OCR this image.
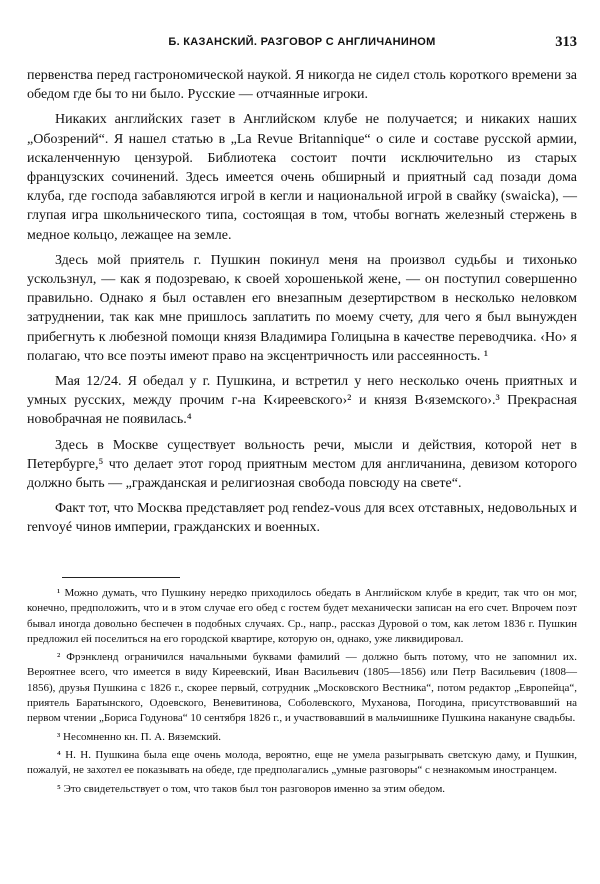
Б. КАЗАНСКИЙ. РАЗГОВОР С АНГЛИЧАНИНОМ	313

первенства перед гастрономической наукой. Я никогда не сидел столь короткого времени за обедом где бы то ни было. Русские — отчаянные игроки.

Никаких английских газет в Английском клубе не получается; и никаких наших „Обозрений“. Я нашел статью в „La Revue Britannique“ о силе и составе русской армии, искаленченную цензурой. Библиотека состоит почти исключительно из старых французских сочинений. Здесь имеется очень обширный и приятный сад позади дома клуба, где господа забавляются игрой в кегли и национальной игрой в свайку (swaicka), — глупая игра школьнического типа, состоящая в том, чтобы вогнать железный стержень в медное кольцо, лежащее на земле.

Здесь мой приятель г. Пушкин покинул меня на произвол судьбы и тихонько ускользнул, — как я подозреваю, к своей хорошенькой жене, — он поступил совершенно правильно. Однако я был оставлен его внезапным дезертирством в несколько неловком затруднении, так как мне пришлось заплатить по моему счету, для чего я был вынужден прибегнуть к любезной помощи князя Владимира Голицына в качестве переводчика. ‹Но› я полагаю, что все поэты имеют право на эксцентричность или рассеянность. ¹

Мая 12/24. Я обедал у г. Пушкина, и встретил у него несколько очень приятных и умных русских, между прочим г-на К‹иреевского›² и князя В‹яземского›.³ Прекрасная новобрачная не появилась.⁴

Здесь в Москве существует вольность речи, мысли и действия, которой нет в Петербурге,⁵ что делает этот город приятным местом для англичанина, девизом которого должно быть — „гражданская и религиозная свобода повсюду на свете“.

Факт тот, что Москва представляет род rendez-vous для всех отставных, недовольных и renvoyé чинов империи, гражданских и военных.

¹ Можно думать, что Пушкину нередко приходилось обедать в Английском клубе в кредит, так что он мог, конечно, предположить, что и в этом случае его обед с гостем будет механически записан на его счет. Впрочем поэт бывал иногда довольно беспечен в подобных случаях. Ср., напр., рассказ Дуровой о том, как летом 1836 г. Пушкин предложил ей поселиться на его городской квартире, которую он, однако, уже ликвидировал.

² Фрэнкленд ограничился начальными буквами фамилий — должно быть потому, что не запомнил их. Вероятнее всего, что имеется в виду Киреевский, Иван Васильевич (1805—1856) или Петр Васильевич (1808—1856), друзья Пушкина с 1826 г., скорее первый, сотрудник „Московского Вестника“, потом редактор „Европейца“, приятель Баратынского, Одоевского, Веневитинова, Соболевского, Муханова, Погодина, присутствовавший на первом чтении „Бориса Годунова“ 10 сентября 1826 г., и участвовавший в мальчишнике Пушкина накануне свадьбы.

³ Несомненно кн. П. А. Вяземский.

⁴ Н. Н. Пушкина была еще очень молода, вероятно, еще не умела разыгрывать светскую даму, и Пушкин, пожалуй, не захотел ее показывать на обеде, где предполагались „умные разговоры“ с незнакомым иностранцем.

⁵ Это свидетельствует о том, что таков был тон разговоров именно за этим обедом.
